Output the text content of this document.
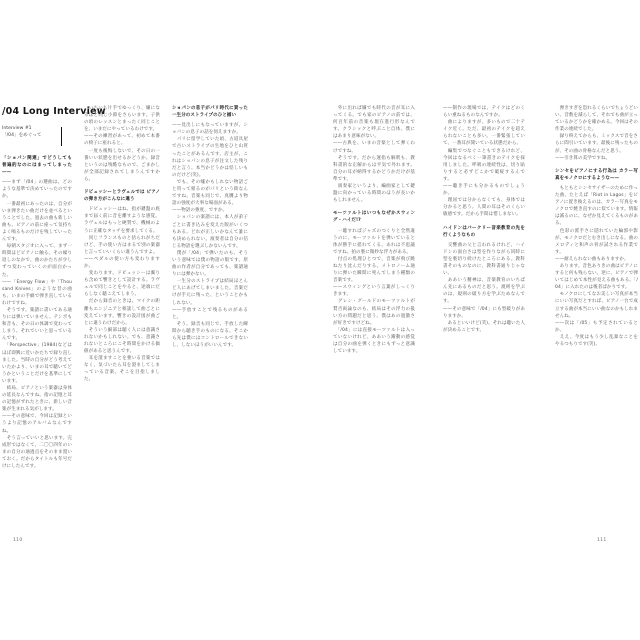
/04 Long Interview

Interview #1

「/04」をめぐって

「ショパン関連」でどうしても 普遍的なのにはまってしまった——

——まず「/04」の選曲は、どのような基準で決めていったのですか。

　一番最初にあったのは、自分がいま弾きたい曲だけを並べるということでした。過去の曲も新しい曲も、ピアノの前に座って気持ちよく鳴るものだけを残していったんです。

　毎朝スタジオに入って、まず一時間ほどピアノに触る。その繰り返しのなかで、曲のかたちが少しずつ変わっていくのが面白かった。

——「Energy Flow」や「Thousand Knives」のような昔の曲も、いまの手癖で弾き直しているわけですね。

　そうです。楽譜に書いてある通りには弾いていません。テンポも和音も、その日の体調で変わってしまう。それでいいと思っているんです。

　「Perspective」(1984)などはほぼ即興に近いかたちで録り直しました。当時の自分がどう考えていたかより、いまの耳で聴いてどうかということだけを基準にしています。

　結局、ピアノという楽器は身体の延長なんですね。指の記憶と耳の記憶がずれたときに、新しい音楽が生まれる気がします。

——その意味で、今回は記録というより記憶のアルバムなんですね。

　そう言っていいと思います。完成形ではなくて、二〇〇四年のいまの自分の通過点をそのまま置いておく。だからタイトルも年号だけにしたんです。

　いちいち片手でゆっくり、嫌になるほど同じ小節をさらいます。子供の頃のレッスンとまったく同じことを、いまだにやっているわけです。

——その練習があって、初めて本番の椅子に座れると。

　一度も後悔しないで、その日の一番いい状態を出せるかどうか。録音というのは残酷なもので、ごまかしが全部記録されてしまうんですから。

ドビュッシーとラヴェルでは ピアノの弾き方がこんなに違う

　ドビュッシーはね、指が鍵盤の底まで届く前に音を離すような感覚。ラヴェルはもっと硬質で、機械のように正確なタッチを要求してくる。

　同じフランスものと括られがちだけど、手の使い方はまるで別の楽器と言っていいくらい違うんですよ。

——ペダルの使い方も変わりますか。

　変わります。ドビュッシーは濁りも含めて響きとして設計する。ラヴェルで同じことをやると、途端にだらしなく聴こえてしまう。

　だから録音のときは、マイクの距離もエンジニアと相談して曲ごとに変えています。響きの設計図が曲ごとに違うわけだから。

　そういう細部は聴く人には意識されないかもしれない。でも、意識されないところにこそ時間をかける価値があると思うんです。

　耳を澄ますことを強いる音楽ではなく、気づいたら耳を澄ましてしまっている音楽。そこを目指しました。

ショパンの息子がパリ時代に買った 一生分のストライプのひと揃い

——見出しにもなっていますが、ショパンの息子の話を伺えますか。

　パリに留学していた頃、古道具屋で古いストライプの生地をひと山買ったことがあるんです。店主が、これはショパンの息子が注文した残りだと言う。本当かどうかは怪しいものだけど(笑)。

　でも、その嘘かもしれない物語ごと買って帰るのがパリという街なんですね。音楽も同じで、真贋より物語の強度が大事な場面がある。

——物語の強度、ですか。

　ショパンの楽譜には、本人が弟子ごとに書き込みを変えた版がいくつもある。どれが正しいかなんて誰にも決められない。演奏者は自分の信じる物語を選ぶしかないんです。

　僕が「/04」で弾いたのも、そういう意味では僕の物語の版です。原曲の作者が自分であっても、楽譜通りには弾かない。

　一生分のストライプは結局ほとんど人にあげてしまいました。音楽だけが手元に残った、ということかもしれない。

——手放すことで残るものがあると。

　そう。録音も同じで、手放した瞬間から聴き手のものになる。そこから先は僕にはコントロールできないし、しないほうがいいんです。

　外に出れば嫌でも時代の音が耳に入ってくる。でも家のピアノの前では、何百年前の音楽も現在進行形なんです。クラシックと呼ぶこと自体、僕にはあまり意味がない。

——古典を、いまの音楽として弾くわけですね。

　そうです。だから運指も解釈も、教科書的な正解からは平気で外れます。自分の耳が納得するかどうかだけが基準です。

　演奏家というより、編曲家として鍵盤に向かっている時間のほうが長いかもしれません。

モーツァルトはいつもなぜかスウィング・ハイだ!?

　一聴すればジャズのつくりと全然違うのに、モーツァルトを弾いていると体が勝手に揺れてくる。あれは不思議ですね。拍の裏に微妙な浮力がある。

　付点の処理ひとつで、音楽が飛び跳ねたり沈んだりする。メトロノーム通りに弾いた瞬間に死んでしまう種類の音楽です。

——スウィングという言葉がしっくりきます。

　グレン・グールドのモーツァルトが賛否両論なのも、結局はその浮力の扱い方の問題だと思う。僕はあの過激さが好きですけどね。

　「/04」には直接モーツァルトは入っていないけれど、ああいう躍動の感覚は自分の曲を弾くときにもずっと意識しています。

——制作の現場では、テイクはどのくらい重ねるものなんですか。

　曲によりますが、多いもので二十テイク近く。ただ、最初のテイクを超えられないことも多い。一番緊張していて、一番耳が開いている状態だから。

　編集でつなぐこともできるけれど、今回はなるべく一筆書きのテイクを採用しました。呼吸の連続性は、切り貼りすると必ずどこかで破綻するんです。

——聴き手にも分かるものでしょうか。

　理屈では分からなくても、身体では分かると思う。人間の耳はそのくらい敏感です。だから手間は惜しまない。

ハイドンはバークリー音楽教育の先を行くようなもの

　交響曲の父と言われるけれど、ハイドンの面白さは型を作りながら同時に型を裏切り続けたところにある。教科書そのものなのに、教科書通りじゃない。

　ああいう精神は、音楽教育のいちばん先にあるものだと思う。規則を学ぶのは、規則の破り方を学ぶためなんです。

——その意味で「/04」にも型破りがありますか。

　あるといいけど(笑)。それは聴いた人が決めることです。

　弾きすぎを恐れるくらいでちょうどいい。音数を減らして、それでも曲が立っているかどうかを確かめる。今回はその作業の連続でした。

　録り終えてからも、ミックスで音をさらに間引いています。最後に残ったものが、その曲の骨格なんだと思う。

——引き算の美学ですね。

シンセをピアノにする行為は カラー写真をモノクロにするような——

　もともとシンセサイザーのために作った曲、たとえば「Riot in Lagos」をピアノに置き換えるのは、カラー写真をモノクロで焼き直すのに似ています。情報は減るのに、なぜか見えてくるものがある。

　色彩の派手さに隠れていた輪郭や影が、モノクロだとむき出しになる。曲のメロディと和声の骨が試される作業です。

——耐えられない曲もありますか。

　あります。音色ありきの曲はピアノにすると何も残らない。逆に、ピアノで弾いてはじめて本性が見える曲もある。「/04」に入れたのは後者ばかりです。

　モノクロにしてなお美しい写真が本当にいい写真だとすれば、ピアノ一台で成立する曲が本当にいい曲なのかもしれませんね。

——次は「/05」も予定されているとか。

　ええ。今度はもう少し乱暴なことをやるつもりです(笑)。

110	111
